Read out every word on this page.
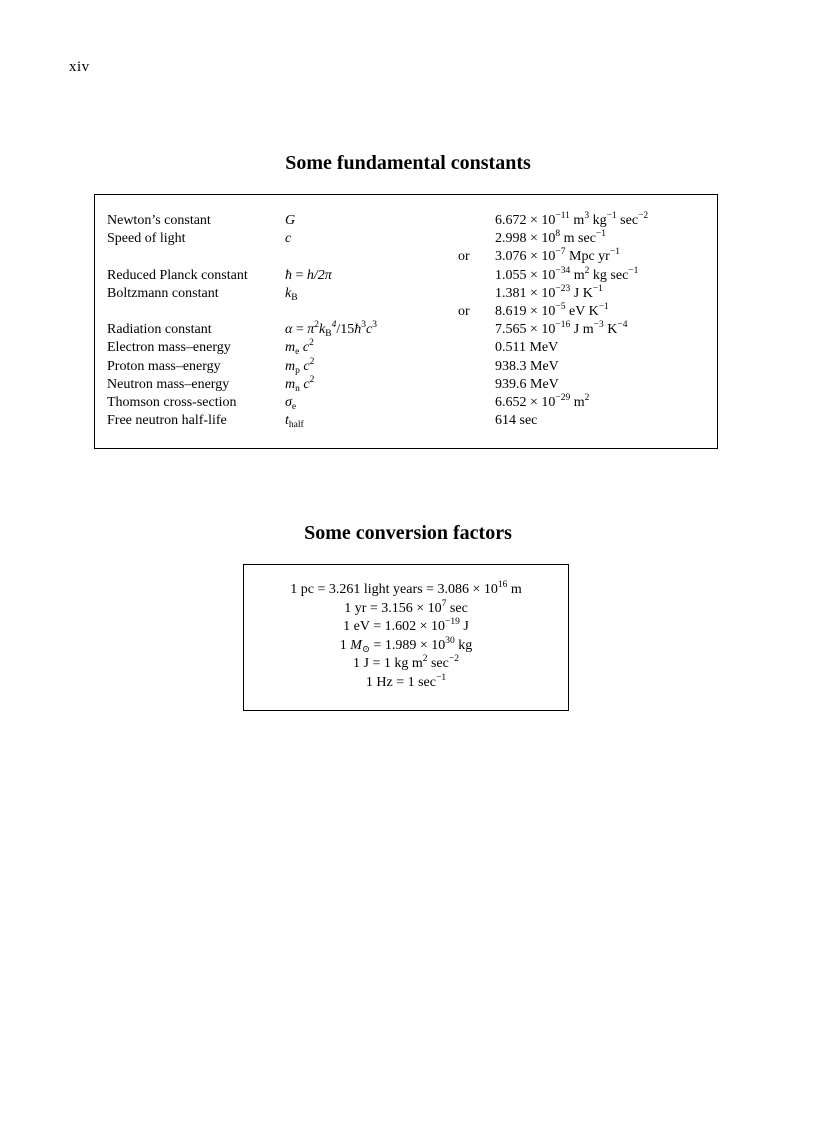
xiv
Some fundamental constants
Newton’s constant	G	$6.672 \times 10^{-11}$ $m^3$ $kg^{-1}$ $\sec^{-2}$
Speed of light	c	$2.998 \times 10^8$ m $\sec^{-1}$
or $3.076 \times 10^{-7}$ Mpc $yr^{-1}$
Reduced Planck constant	ħ = h/2π	$1.055 \times 10^{-34}$ $m^2$ kg $\sec^{-1}$
Boltzmann constant	$k_B$	$1.381 \times 10^{-23}$ J $K^{-1}$
or $8.619 \times 10^{-5}$ eV $K^{-1}$
Radiation constant	$\alpha = \pi^2k_B^4/15ħ^3c^3$	$7.565 \times 10^{-16}$ J $m^{-3}$ $K^{-4}$
Electron mass–energy	$m_e$ $c^2$	0.511 MeV
Proton mass–energy	$m_p$ $c^2$	938.3 MeV
Neutron mass–energy	$m_n$ $c^2$	939.6 MeV
Thomson cross-section	$\sigma_e$	$6.652 \times 10^{-29}$ $m^2$
Free neutron half-life	$t_{half}$	614 sec
Some conversion factors
1 pc = 3.261 light years = $3.086 \times 10^{16}$ m
1 yr = $3.156 \times 10^7$ sec
1 eV = $1.602 \times 10^{-19}$ J
1 $M_⊙ = 1.989 \times 10^{30}$ kg
1 J = 1 kg $m^2$ $\sec^{-2}$
1 Hz = 1 $\sec^{-1}$
